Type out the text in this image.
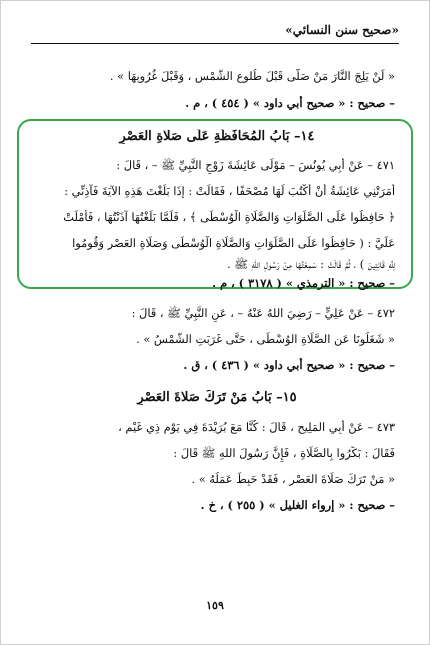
«صحيح سنن النسائي»
« لَنْ يَلِجَ النَّارَ مَنْ صَلَّى قَبْلَ طُلوعِ الشَّمْسِ ، وَقَبْلَ غُرُوبِهَا » .
– صحيح : « صحيح أبي داود » ( ٤٥٤ ) ، م .
١٤– بَابُ المُحَافَظَةِ عَلَى صَلاةِ العَصْرِ
٤٧١ – عَنْ أَبِي يُونُسَ – مَوْلَى عَائِشَةَ زَوْجِ النَّبِيِّ ﷺ – ، قَالَ :
أَمَرَتْنِي عَائِشَةُ أَنْ أَكْتُبَ لَهَا مُصْحَفًا ، فَقَالَتْ : إِذَا بَلَغْتَ هَذِهِ الآيَةَ فَآذِنِّي :
﴿ حَافِظُوا عَلَى الصَّلَوَاتِ وَالصَّلَاةِ الْوُسْطَى ﴾ ، فَلَمَّا بَلَغْتُهَا آذَنْتُهَا ، فَأَمْلَتْ
عَلَيَّ : ( حَافِظُوا عَلَى الصَّلَوَاتِ وَالصَّلَاةِ الْوُسْطَى وَصَلَاةِ العَصْرِ وَقُومُوا
لِلَّهِ قَانِتِينَ ) ، ثُمَّ قَالَتْ : سَمِعْتُهَا مِنْ رَسُولِ اللهِ ﷺ .
– صحيح : « الترمذي » ( ٣١٧٨ ) ، م .
٤٧٢ – عَنْ عَلِيٍّ – رَضِيَ اللهُ عَنْهُ – ، عَنِ النَّبِيِّ ﷺ ، قَالَ :
« شَغَلُونَا عَنِ الصَّلَاةِ الوُسْطَى ، حَتَّى غَرَبَتِ الشَّمْسُ » .
– صحيح : « صحيح أبي داود » ( ٤٣٦ ) ، ق .
١٥– بَابُ مَنْ تَرَكَ صَلاةَ العَصْرِ
٤٧٣ – عَنْ أَبِي المَلِيحِ ، قَالَ : كُنَّا مَعَ بُرَيْدَةَ فِي يَوْمٍ ذِي غَيْمٍ ،
فَقَالَ : بَكِّرُوا بِالصَّلَاةِ ، فَإِنَّ رَسُولَ اللهِ ﷺ قَالَ :
« مَنْ تَرَكَ صَلَاةَ العَصْرِ ، فَقَدْ حَبِطَ عَمَلُهُ » .
– صحيح : « إرواء الغليل » ( ٢٥٥ ) ، خ .
١٥٩
